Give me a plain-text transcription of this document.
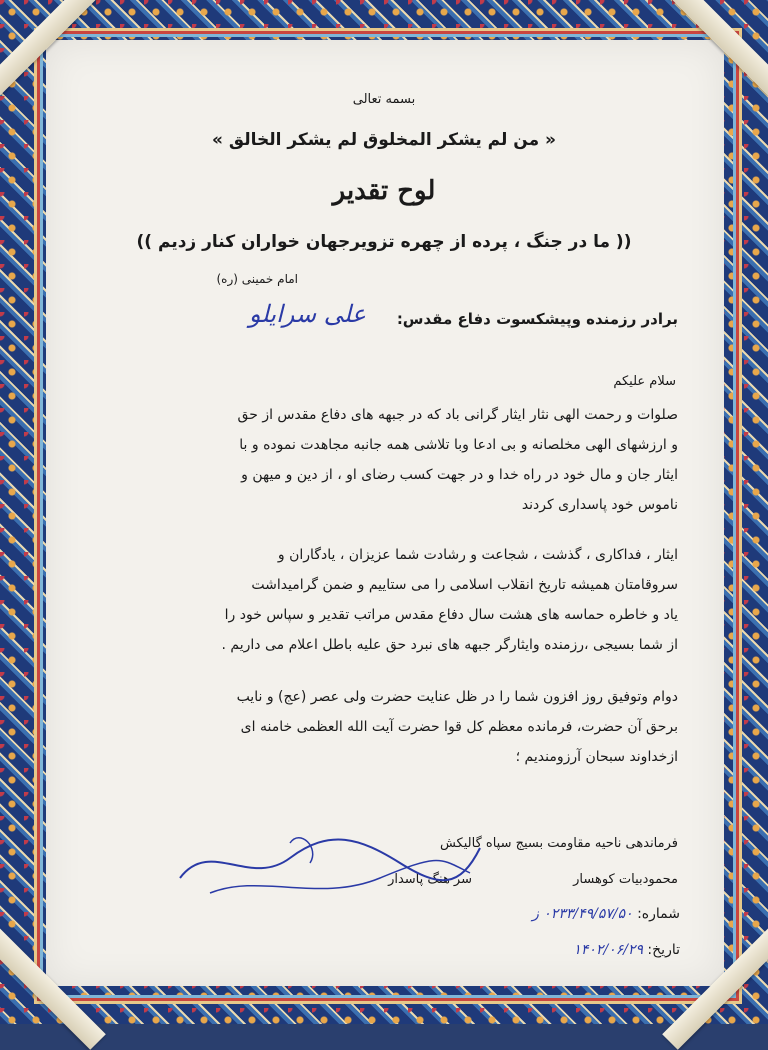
بسمه تعالی
« من لم یشکر المخلوق لم یشکر الخالق »
لوح تقدیر
(( ما در جنگ ، پرده از چهره تزویرجهان خواران کنار زدیم ))
امام خمینی (ره)
برادر رزمنده وپیشکسوت دفاع مقدس:
علی سرایلو
سلام علیکم
صلوات و رحمت الهی نثار ایثار گرانی باد که در جبهه های دفاع مقدس از حق
و ارزشهای الهی مخلصانه و بی ادعا وبا تلاشی همه جانبه مجاهدت نموده و با
ایثار جان و مال خود در راه خدا و در جهت کسب رضای او ، از دین و میهن و
ناموس خود پاسداری کردند
ایثار ، فداکاری ، گذشت ، شجاعت و رشادت شما عزیزان ، یادگاران و
سروقامتان همیشه تاریخ انقلاب اسلامی را می ستاییم و ضمن گرامیداشت
یاد و خاطره حماسه های هشت سال دفاع مقدس مراتب تقدیر و سپاس خود را
از شما بسیجی ،رزمنده وایثارگر جبهه های نبرد حق علیه باطل اعلام می داریم .
دوام وتوفیق روز افزون شما را در ظل عنایت حضرت ولی عصر (عج) و نایب
برحق آن حضرت، فرمانده معظم کل قوا حضرت آیت الله العظمی خامنه ای
ازخداوند سبحان آرزومندیم ؛
فرماندهی ناحیه مقاومت بسیج سپاه گالیکش
محمودبیات کوهسار
سر هنگ پاسدار
شماره: ۰۲۳۳/۴۹/۵۷/۵۰ ز
تاریخ: ۱۴۰۲/۰۶/۲۹
